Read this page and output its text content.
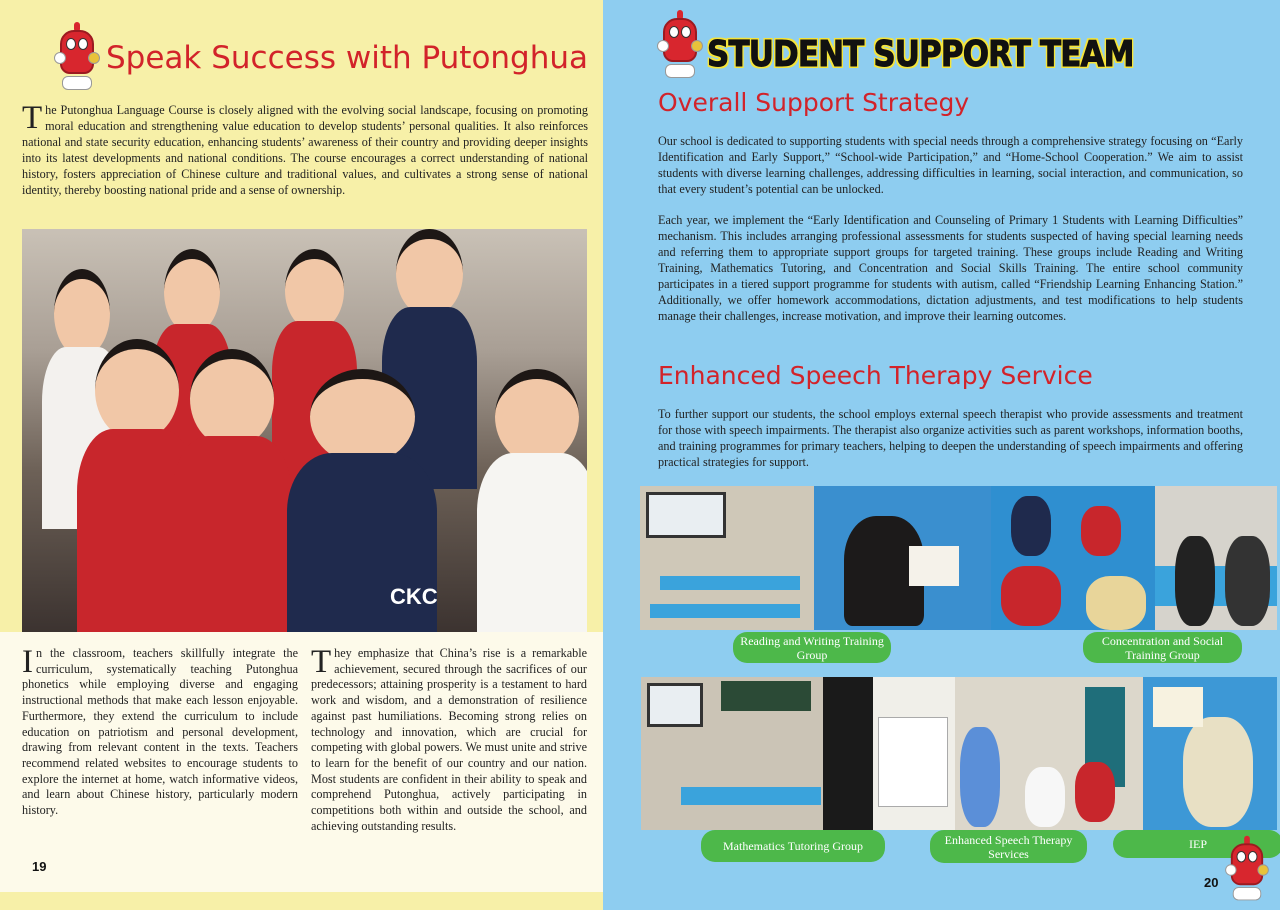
Speak Success with Putonghua
The Putonghua Language Course is closely aligned with the evolving social landscape, focusing on promoting moral education and strengthening value education to develop students’ personal qualities. It also reinforces national and state security education, enhancing students’ awareness of their country and providing deeper insights into its latest developments and national conditions. The course encourages a correct understanding of national history, fosters appreciation of Chinese culture and traditional values, and cultivates a strong sense of national identity, thereby boosting national pride and a sense of ownership.
CKC
In the classroom, teachers skillfully integrate the curriculum, systematically teaching Putonghua phonetics while employing diverse and engaging instructional methods that make each lesson enjoyable. Furthermore, they extend the curriculum to include education on patriotism and personal development, drawing from relevant content in the texts. Teachers recommend related websites to encourage students to explore the internet at home, watch informative videos, and learn about Chinese history, particularly modern history.
They emphasize that China’s rise is a remarkable achievement, secured through the sacrifices of our predecessors; attaining prosperity is a testament to hard work and wisdom, and a demonstration of resilience against past humiliations. Becoming strong relies on technology and innovation, which are crucial for competing with global powers. We must unite and strive to learn for the benefit of our country and our nation. Most students are confident in their ability to speak and comprehend Putonghua, actively participating in competitions both within and outside the school, and achieving outstanding results.
19
STUDENT SUPPORT TEAM
Overall Support Strategy
Our school is dedicated to supporting students with special needs through a comprehensive strategy focusing on “Early Identification and Early Support,” “School-wide Participation,” and “Home-School Cooperation.” We aim to assist students with diverse learning challenges, addressing difficulties in learning, social interaction, and communication, so that every student’s potential can be unlocked.
Each year, we implement the “Early Identification and Counseling of Primary 1 Students with Learning Difficulties” mechanism. This includes arranging professional assessments for students suspected of having special learning needs and referring them to appropriate support groups for targeted training. These groups include Reading and Writing Training, Mathematics Tutoring, and Concentration and Social Skills Training. The entire school community participates in a tiered support programme for students with autism, called “Friendship Learning Enhancing Station.” Additionally, we offer homework accommodations, dictation adjustments, and test modifications to help students manage their challenges, increase motivation, and improve their learning outcomes.
Enhanced Speech Therapy Service
To further support our students, the school employs external speech therapist who provide assessments and treatment for those with speech impairments. The therapist also organize activities such as parent workshops, information booths, and training programmes for primary teachers, helping to deepen the understanding of speech impairments and offering practical strategies for support.
Reading and Writing Training Group
Concentration and Social Training Group
Mathematics Tutoring Group	Enhanced Speech Therapy Services
IEP
20
